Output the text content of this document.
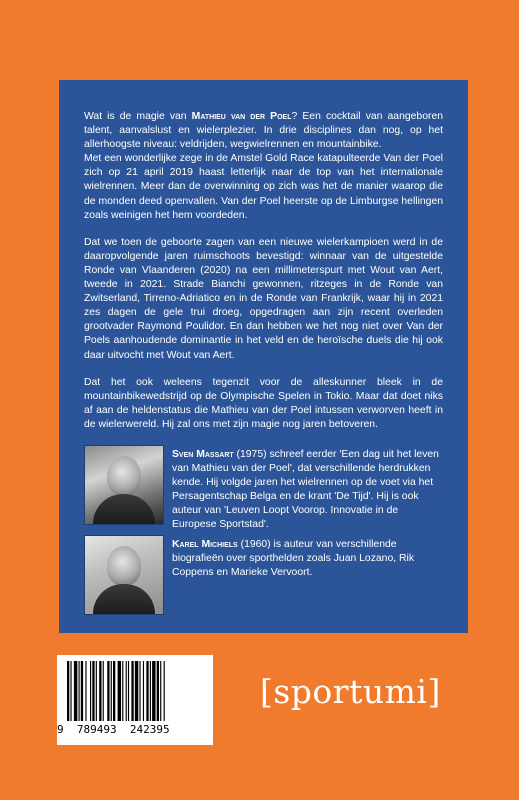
Wat is de magie van Mathieu van der Poel? Een cocktail van aangeboren talent, aanvalslust en wielerplezier. In drie disciplines dan nog, op het allerhoogste niveau: veldrijden, wegwielrennen en mountainbike.
Met een wonderlijke zege in de Amstel Gold Race katapulteerde Van der Poel zich op 21 april 2019 haast letterlijk naar de top van het internationale wielrennen. Meer dan de overwinning op zich was het de manier waarop die de monden deed openvallen. Van der Poel heerste op de Limburgse hellingen zoals weinigen het hem voordeden.

Dat we toen de geboorte zagen van een nieuwe wielerkampioen werd in de daaropvolgende jaren ruimschoots bevestigd: winnaar van de uitgestelde Ronde van Vlaanderen (2020) na een millimeterspurt met Wout van Aert, tweede in 2021. Strade Bianchi gewonnen, ritzeges in de Ronde van Zwitserland, Tirreno-Adriatico en in de Ronde van Frankrijk, waar hij in 2021 zes dagen de gele trui droeg, opgedragen aan zijn recent overleden grootvader Raymond Poulidor. En dan hebben we het nog niet over Van der Poels aanhoudende dominantie in het veld en de heroïsche duels die hij ook daar uitvocht met Wout van Aert.

Dat het ook weleens tegenzit voor de alleskunner bleek in de mountainbikewedstrijd op de Olympische Spelen in Tokio. Maar dat doet niks af aan de heldenstatus die Mathieu van der Poel intussen verworven heeft in de wielerwereld. Hij zal ons met zijn magie nog jaren betoveren.

Sven Massart (1975) schreef eerder 'Een dag uit het leven van Mathieu van der Poel', dat verschillende herdrukken kende. Hij volgde jaren het wielrennen op de voet via het Persagentschap Belga en de krant 'De Tijd'. Hij is ook auteur van 'Leuven Loopt Voorop. Innovatie in de Europese Sportstad'.
Karel Michiels (1960) is auteur van verschillende biografieën over sporthelden zoals Juan Lozano, Rik Coppens en Marieke Vervoort.
9  789493  242395
[sportumi]
